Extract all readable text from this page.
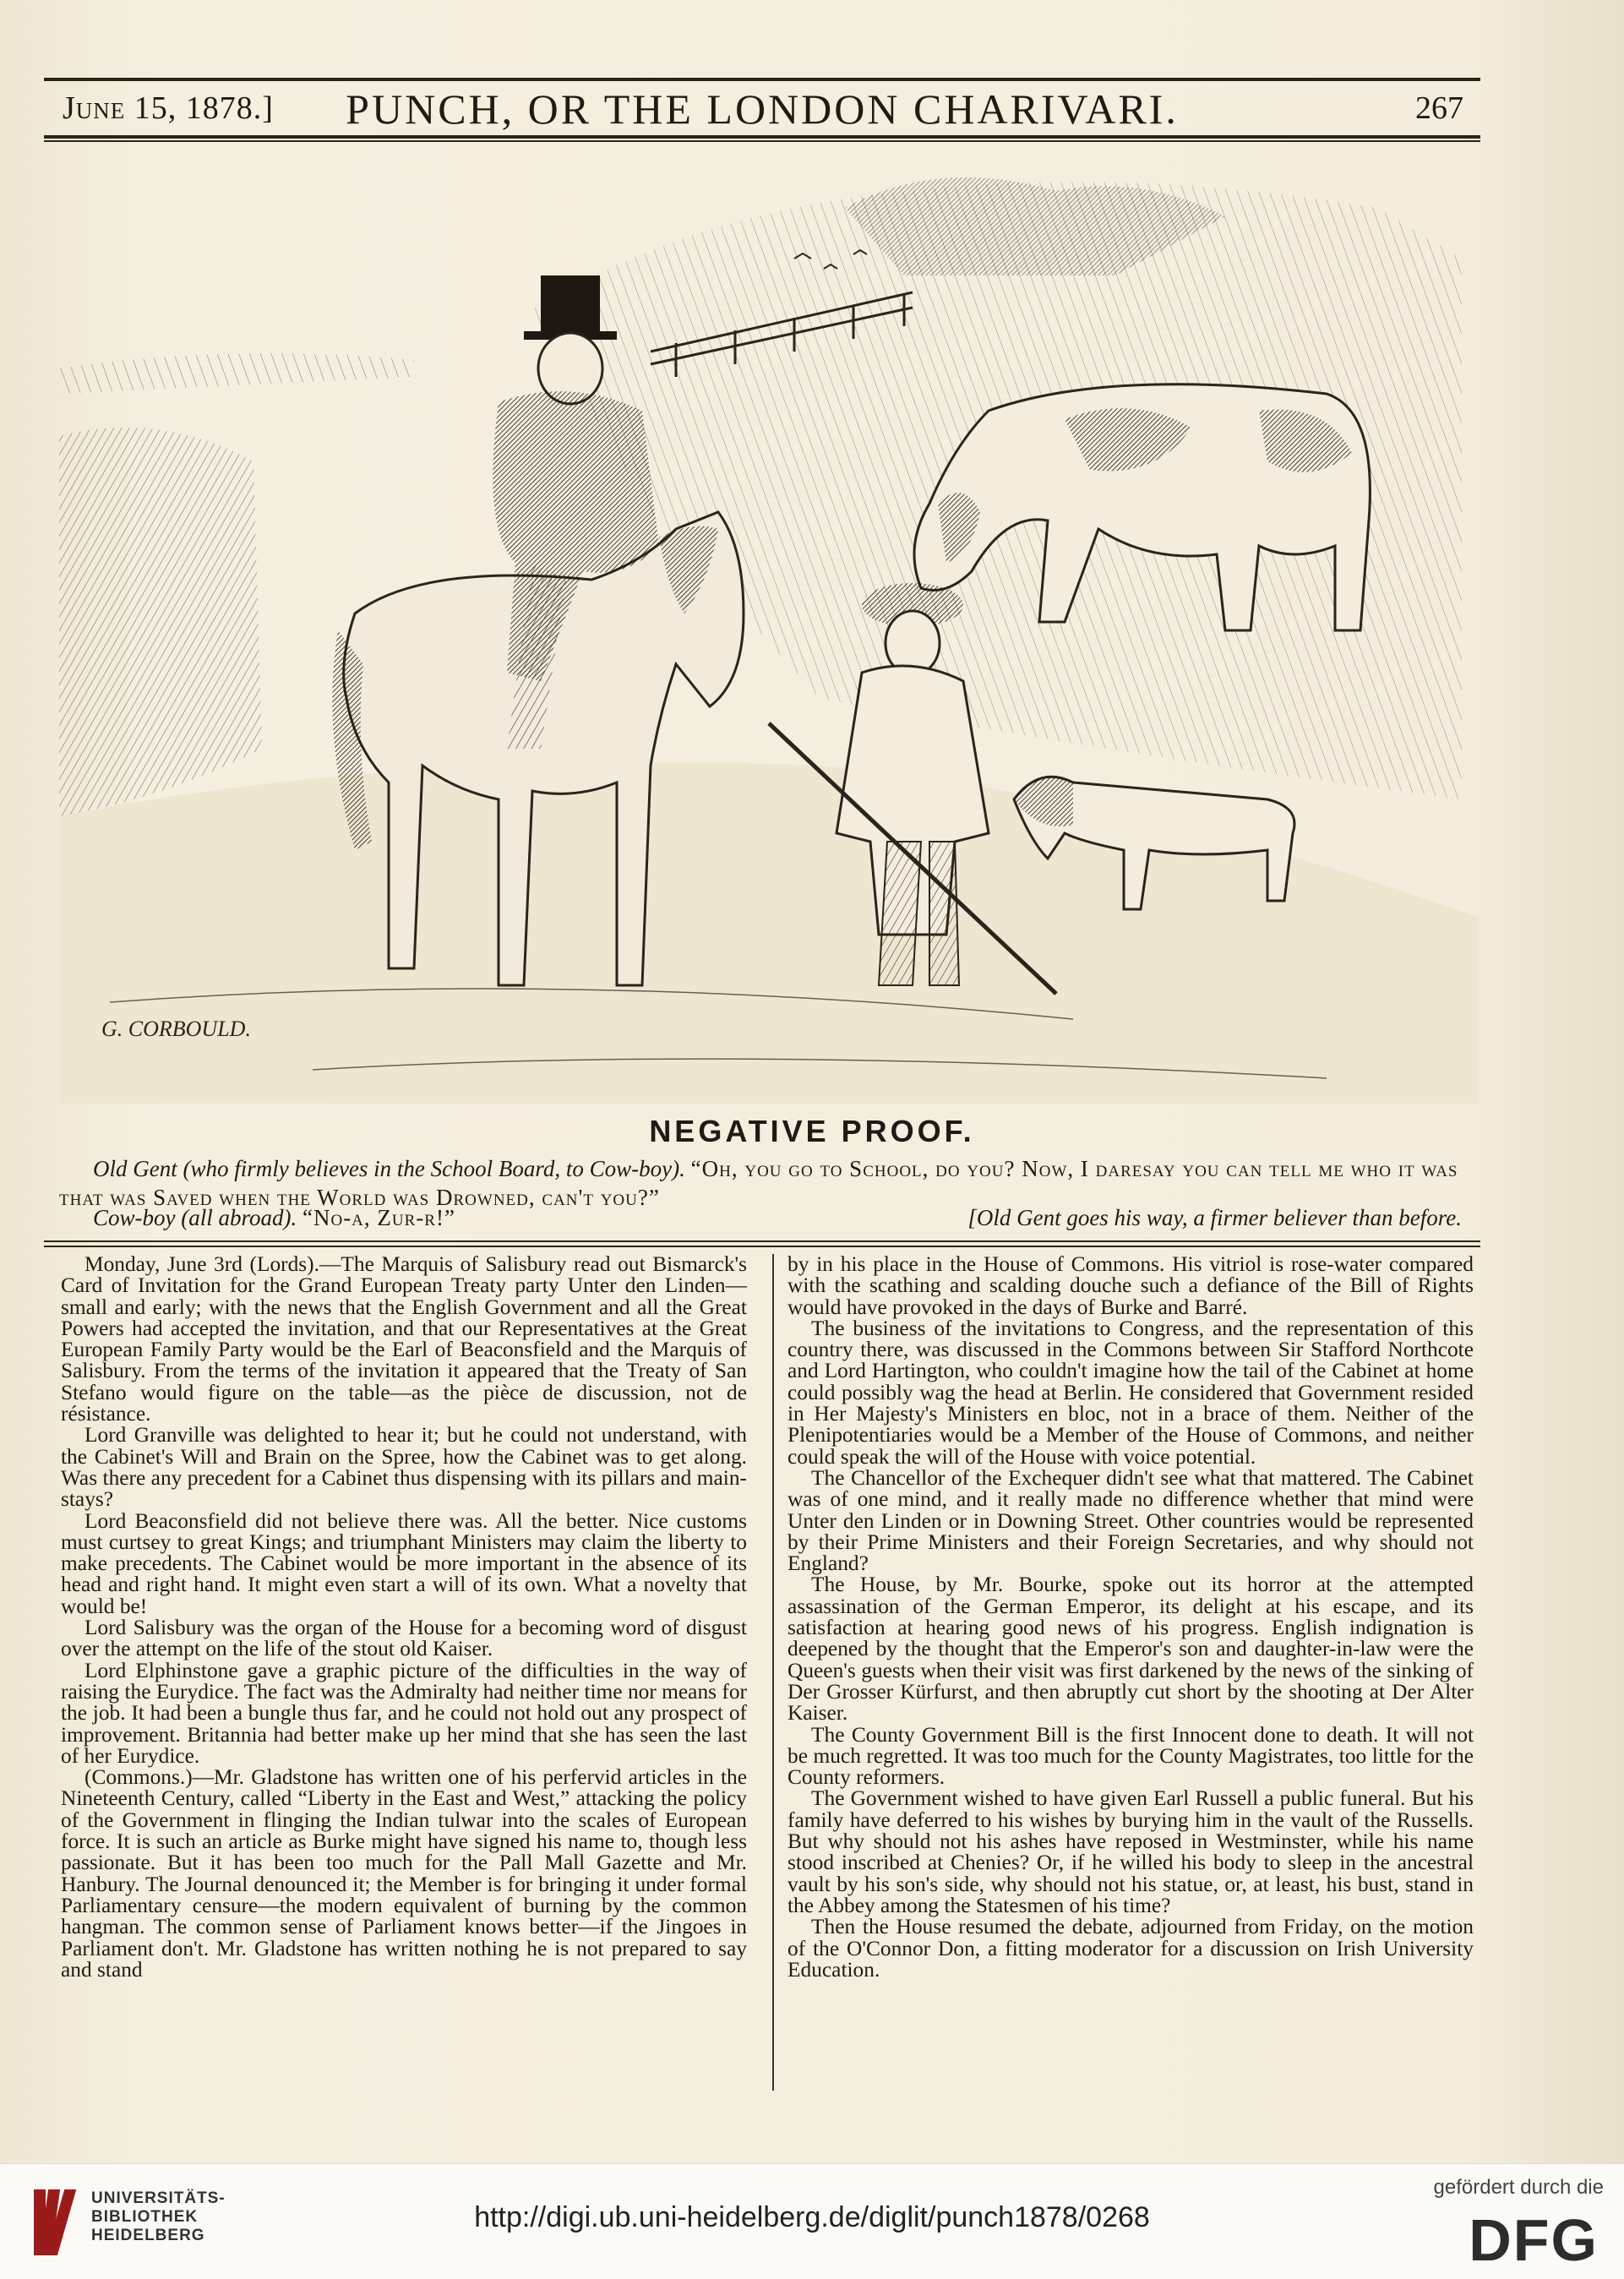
June 15, 1878.]	PUNCH, OR THE LONDON CHARIVARI.	267
G. CORBOULD.
NEGATIVE PROOF.
Old Gent (who firmly believes in the School Board, to Cow-boy). “Oh, you go to School, do you? Now, I daresay you can tell me who it was that was Saved when the World was Drowned, can't you?”
Cow-boy (all abroad). “No-a, Zur-r!”	[Old Gent goes his way, a firmer believer than before.

Monday, June 3rd (Lords).—The Marquis of Salisbury read out Bismarck's Card of Invitation for the Grand European Treaty party Unter den Linden—small and early; with the news that the English Government and all the Great Powers had accepted the invitation, and that our Representatives at the Great European Family Party would be the Earl of Beaconsfield and the Marquis of Salisbury. From the terms of the invitation it appeared that the Treaty of San Stefano would figure on the table—as the pièce de discussion, not de résistance.

Lord Granville was delighted to hear it; but he could not understand, with the Cabinet's Will and Brain on the Spree, how the Cabinet was to get along. Was there any precedent for a Cabinet thus dispensing with its pillars and main-stays?

Lord Beaconsfield did not believe there was. All the better. Nice customs must curtsey to great Kings; and triumphant Ministers may claim the liberty to make precedents. The Cabinet would be more important in the absence of its head and right hand. It might even start a will of its own. What a novelty that would be!

Lord Salisbury was the organ of the House for a becoming word of disgust over the attempt on the life of the stout old Kaiser.

Lord Elphinstone gave a graphic picture of the difficulties in the way of raising the Eurydice. The fact was the Admiralty had neither time nor means for the job. It had been a bungle thus far, and he could not hold out any prospect of improvement. Britannia had better make up her mind that she has seen the last of her Eurydice.

(Commons.)—Mr. Gladstone has written one of his perfervid articles in the Nineteenth Century, called “Liberty in the East and West,” attacking the policy of the Government in flinging the Indian tulwar into the scales of European force. It is such an article as Burke might have signed his name to, though less passionate. But it has been too much for the Pall Mall Gazette and Mr. Hanbury. The Journal denounced it; the Member is for bringing it under formal Parliamentary censure—the modern equivalent of burning by the common hangman. The common sense of Parliament knows better—if the Jingoes in Parliament don't. Mr. Gladstone has written nothing he is not prepared to say and stand

by in his place in the House of Commons. His vitriol is rose-water compared with the scathing and scalding douche such a defiance of the Bill of Rights would have provoked in the days of Burke and Barré.

The business of the invitations to Congress, and the representation of this country there, was discussed in the Commons between Sir Stafford Northcote and Lord Hartington, who couldn't imagine how the tail of the Cabinet at home could possibly wag the head at Berlin. He considered that Government resided in Her Majesty's Ministers en bloc, not in a brace of them. Neither of the Plenipotentiaries would be a Member of the House of Commons, and neither could speak the will of the House with voice potential.

The Chancellor of the Exchequer didn't see what that mattered. The Cabinet was of one mind, and it really made no difference whether that mind were Unter den Linden or in Downing Street. Other countries would be represented by their Prime Ministers and their Foreign Secretaries, and why should not England?

The House, by Mr. Bourke, spoke out its horror at the attempted assassination of the German Emperor, its delight at his escape, and its satisfaction at hearing good news of his progress. English indignation is deepened by the thought that the Emperor's son and daughter-in-law were the Queen's guests when their visit was first darkened by the news of the sinking of Der Grosser Kürfurst, and then abruptly cut short by the shooting at Der Alter Kaiser.

The County Government Bill is the first Innocent done to death. It will not be much regretted. It was too much for the County Magistrates, too little for the County reformers.

The Government wished to have given Earl Russell a public funeral. But his family have deferred to his wishes by burying him in the vault of the Russells. But why should not his ashes have reposed in Westminster, while his name stood inscribed at Chenies? Or, if he willed his body to sleep in the ancestral vault by his son's side, why should not his statue, or, at least, his bust, stand in the Abbey among the Statesmen of his time?

Then the House resumed the debate, adjourned from Friday, on the motion of the O'Connor Don, a fitting moderator for a discussion on Irish University Education.

UNIVERSITÄTS-
BIBLIOTHEK
HEIDELBERG
http://digi.ub.uni-heidelberg.de/diglit/punch1878/0268
gefördert durch die
DFG
